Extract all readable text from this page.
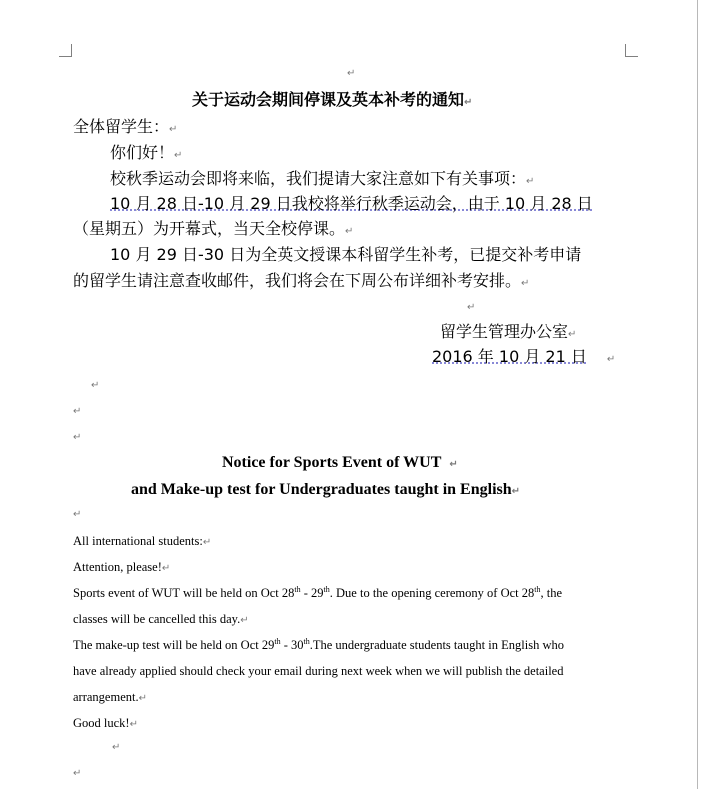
↵
关于运动会期间停课及英本补考的通知↵
全体留学生：↵
你们好！↵
校秋季运动会即将来临，我们提请大家注意如下有关事项：↵
10 月 28 日-10 月 29 日我校将举行秋季运动会，由于 10 月 28 日
（星期五）为开幕式，当天全校停课。↵
10 月 29 日-30 日为全英文授课本科留学生补考，已提交补考申请
的留学生请注意查收邮件，我们将会在下周公布详细补考安排。↵
↵
留学生管理办公室↵
2016 年 10 月 21 日 ↵
↵
↵
↵
Notice for Sports Event of WUT ↵
and Make-up test for Undergraduates taught in English↵
↵
All international students:↵
Attention, please!↵
Sports event of WUT will be held on Oct 28th - 29th. Due to the opening ceremony of Oct 28th, the
classes will be cancelled this day.↵
The make-up test will be held on Oct 29th - 30th.The undergraduate students taught in English who
have already applied should check your email during next week when we will publish the detailed
arrangement.↵
Good luck!↵
↵
↵
